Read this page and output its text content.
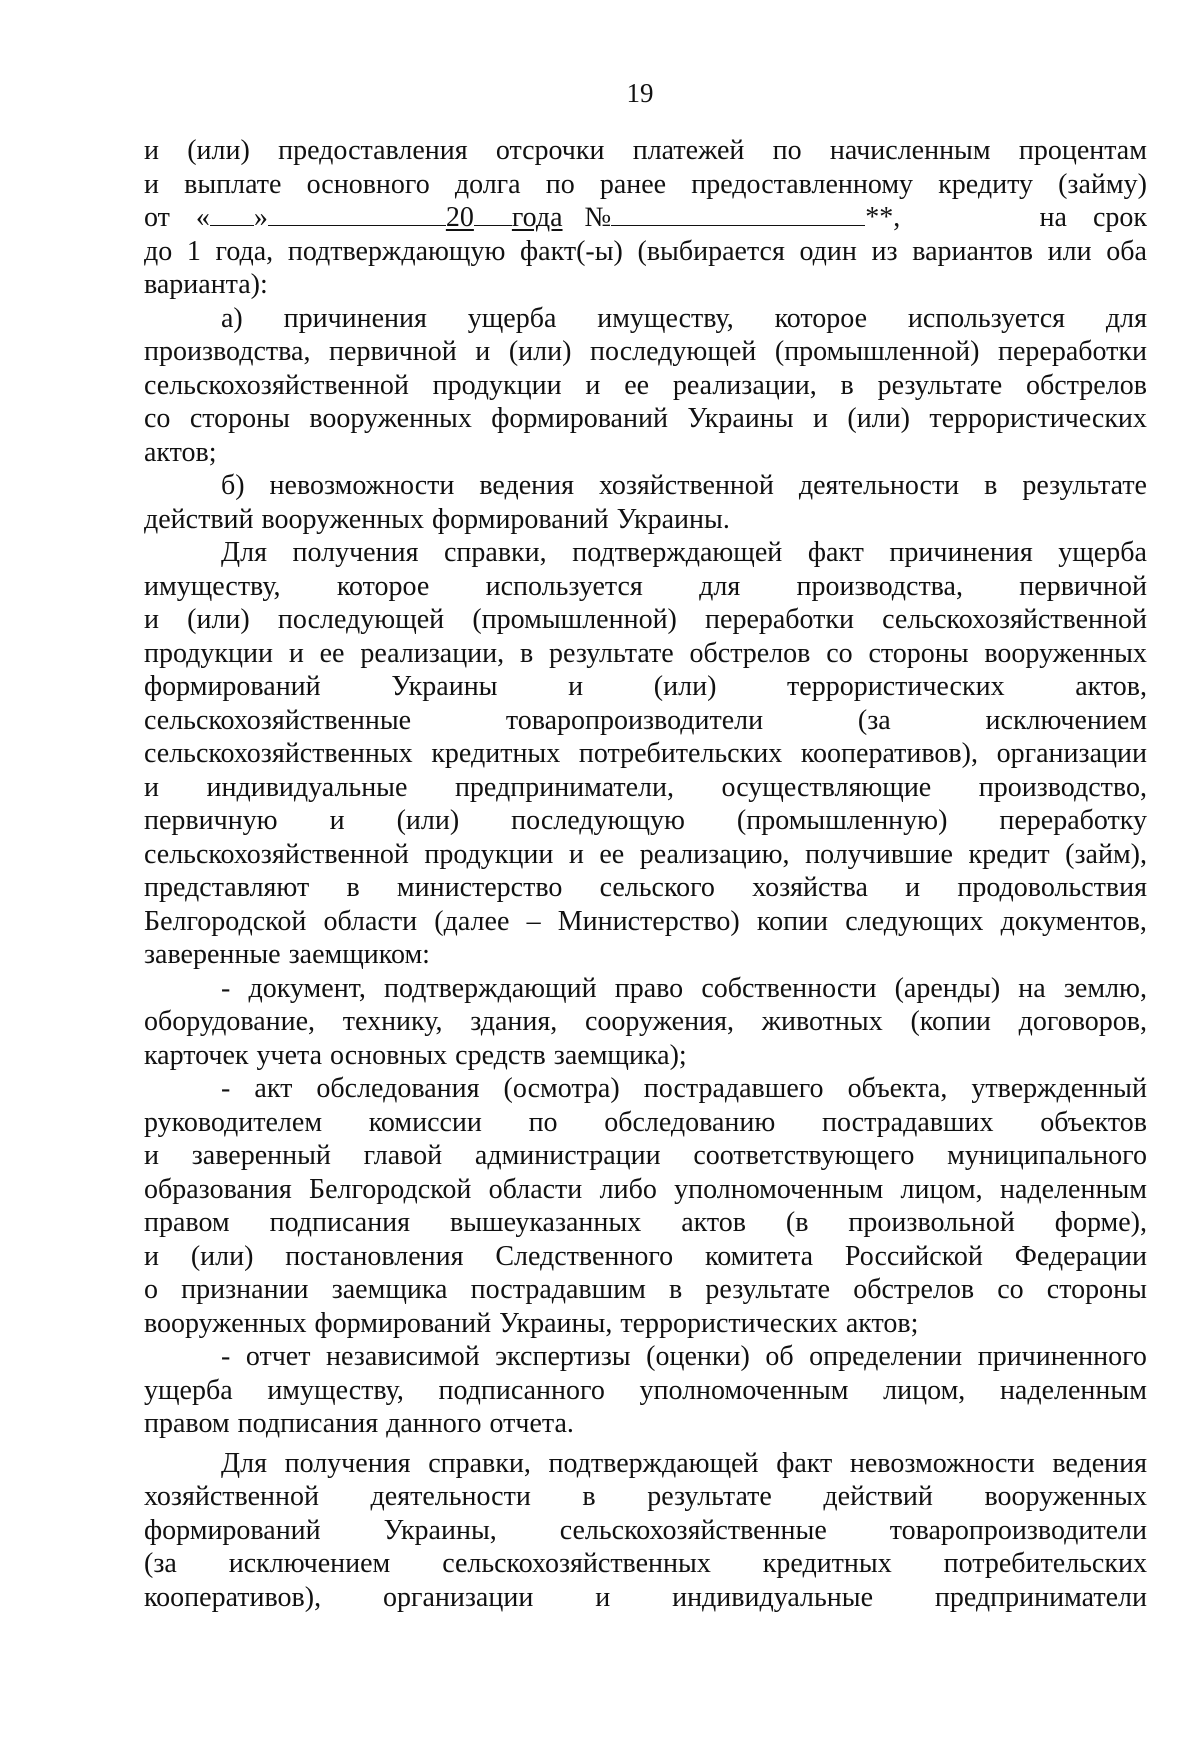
19
и (или) предоставления отсрочки платежей по начисленным процентам
и выплате основного долга по ранее предоставленному кредиту (займу)
от « »	20 года №	**,	на срок
до 1 года, подтверждающую факт(-ы) (выбирается один из вариантов или оба
варианта):
а) причинения ущерба имуществу, которое используется для
производства, первичной и (или) последующей (промышленной) переработки
сельскохозяйственной продукции и ее реализации, в результате обстрелов
со стороны вооруженных формирований Украины и (или) террористических
актов;
б) невозможности ведения хозяйственной деятельности в результате
действий вооруженных формирований Украины.
Для получения справки, подтверждающей факт причинения ущерба
имуществу, которое используется для производства, первичной
и (или) последующей (промышленной) переработки сельскохозяйственной
продукции и ее реализации, в результате обстрелов со стороны вооруженных
формирований	Украины	и	(или)	террористических	актов,
сельскохозяйственные	товаропроизводители	(за	исключением
сельскохозяйственных кредитных потребительских кооперативов), организации
и индивидуальные предприниматели, осуществляющие производство,
первичную и (или) последующую (промышленную) переработку
сельскохозяйственной продукции и ее реализацию, получившие кредит (займ),
представляют в министерство сельского хозяйства и продовольствия
Белгородской области (далее – Министерство) копии следующих документов,
заверенные заемщиком:
- документ, подтверждающий право собственности (аренды) на землю,
оборудование, технику, здания, сооружения, животных (копии договоров,
карточек учета основных средств заемщика);
- акт обследования (осмотра) пострадавшего объекта, утвержденный
руководителем комиссии по обследованию пострадавших объектов
и заверенный главой администрации соответствующего муниципального
образования Белгородской области либо уполномоченным лицом, наделенным
правом подписания вышеуказанных актов (в произвольной форме),
и (или) постановления Следственного комитета Российской Федерации
о признании заемщика пострадавшим в результате обстрелов со стороны
вооруженных формирований Украины, террористических актов;
- отчет независимой экспертизы (оценки) об определении причиненного
ущерба имуществу, подписанного уполномоченным лицом, наделенным
правом подписания данного отчета.
Для получения справки, подтверждающей факт невозможности ведения
хозяйственной деятельности в результате действий вооруженных
формирований Украины, сельскохозяйственные товаропроизводители
(за исключением сельскохозяйственных кредитных потребительских
кооперативов), организации и индивидуальные предприниматели
